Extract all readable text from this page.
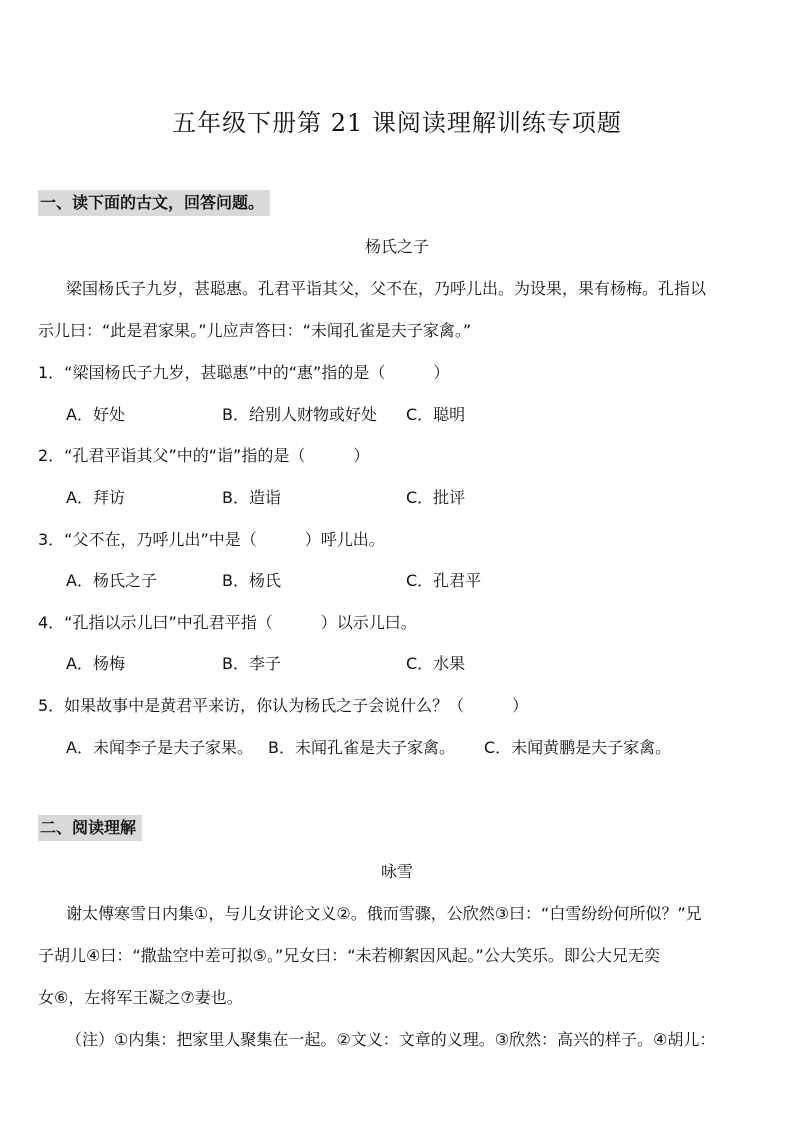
五年级下册第 21 课阅读理解训练专项题
一、读下面的古文，回答问题。
杨氏之子
梁国杨氏子九岁，甚聪惠。孔君平诣其父，父不在，乃呼儿出。为设果，果有杨梅。孔指以
示儿曰：“此是君家果。”儿应声答曰：“未闻孔雀是夫子家禽。”
1．“梁国杨氏子九岁，甚聪惠”中的“惠”指的是（　　　）
A．好处	B．给别人财物或好处 C．聪明
2．“孔君平诣其父”中的“诣”指的是（　　　）
A．拜访	B．造诣	C．批评
3．“父不在，乃呼儿出”中是（　　　）呼儿出。
A．杨氏之子	B．杨氏	C．孔君平
4．“孔指以示儿曰”中孔君平指（　　　）以示儿曰。
A．杨梅	B．李子	C．水果
5．如果故事中是黄君平来访，你认为杨氏之子会说什么？（　　　）
A．未闻李子是夫子家果。 B．未闻孔雀是夫子家禽。 C．未闻黄鹏是夫子家禽。
二、阅读理解
咏雪
谢太傅寒雪日内集①，与儿女讲论文义②。俄而雪骤，公欣然③曰：“白雪纷纷何所似？”兄
子胡儿④曰：“撒盐空中差可拟⑤。”兄女曰：“未若柳絮因风起。”公大笑乐。即公大兄无奕
女⑥，左将军王凝之⑦妻也。
（注）①内集：把家里人聚集在一起。②文义：文章的义理。③欣然：高兴的样子。④胡儿：
